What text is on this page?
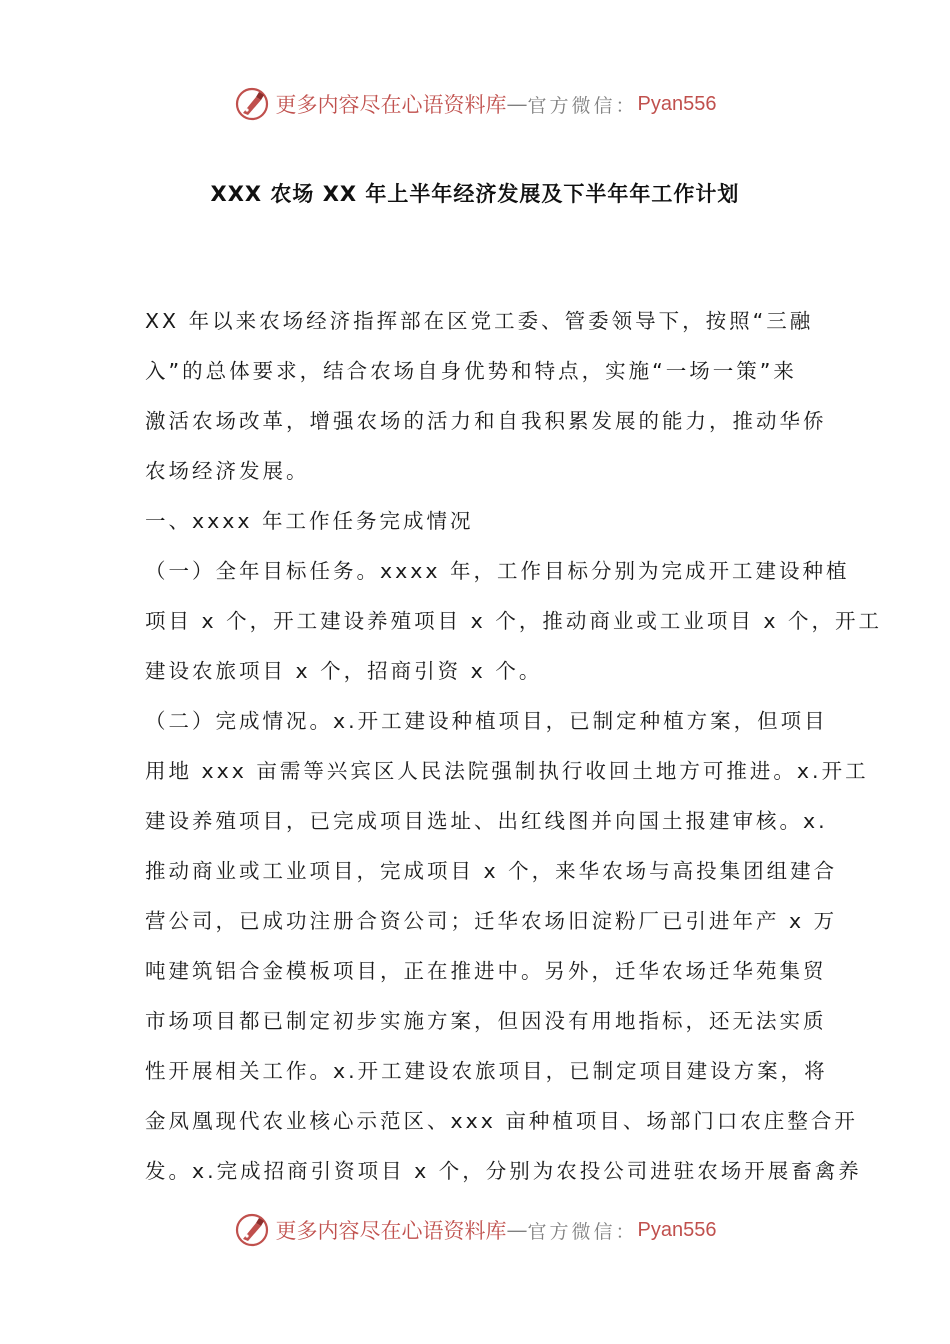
更多内容尽在心语资料库 — 官方微信： Pyan556
XXX 农场 XX 年上半年经济发展及下半年年工作计划

XX 年以来农场经济指挥部在区党工委、管委领导下，按照“三融

入”的总体要求，结合农场自身优势和特点，实施“一场一策”来

激活农场改革，增强农场的活力和自我积累发展的能力，推动华侨

农场经济发展。

一、xxxx 年工作任务完成情况

（一）全年目标任务。xxxx 年，工作目标分别为完成开工建设种植

项目 x 个，开工建设养殖项目 x 个，推动商业或工业项目 x 个，开工

建设农旅项目 x 个，招商引资 x 个。

（二）完成情况。x.开工建设种植项目，已制定种植方案，但项目

用地 xxx 亩需等兴宾区人民法院强制执行收回土地方可推进。x.开工

建设养殖项目，已完成项目选址、出红线图并向国土报建审核。x.

推动商业或工业项目，完成项目 x 个，来华农场与高投集团组建合

营公司，已成功注册合资公司；迁华农场旧淀粉厂已引进年产 x 万

吨建筑铝合金模板项目，正在推进中。另外，迁华农场迁华苑集贸

市场项目都已制定初步实施方案，但因没有用地指标，还无法实质

性开展相关工作。x.开工建设农旅项目，已制定项目建设方案，将

金凤凰现代农业核心示范区、xxx 亩种植项目、场部门口农庄整合开

发。x.完成招商引资项目 x 个，分别为农投公司进驻农场开展畜禽养

更多内容尽在心语资料库 — 官方微信： Pyan556
